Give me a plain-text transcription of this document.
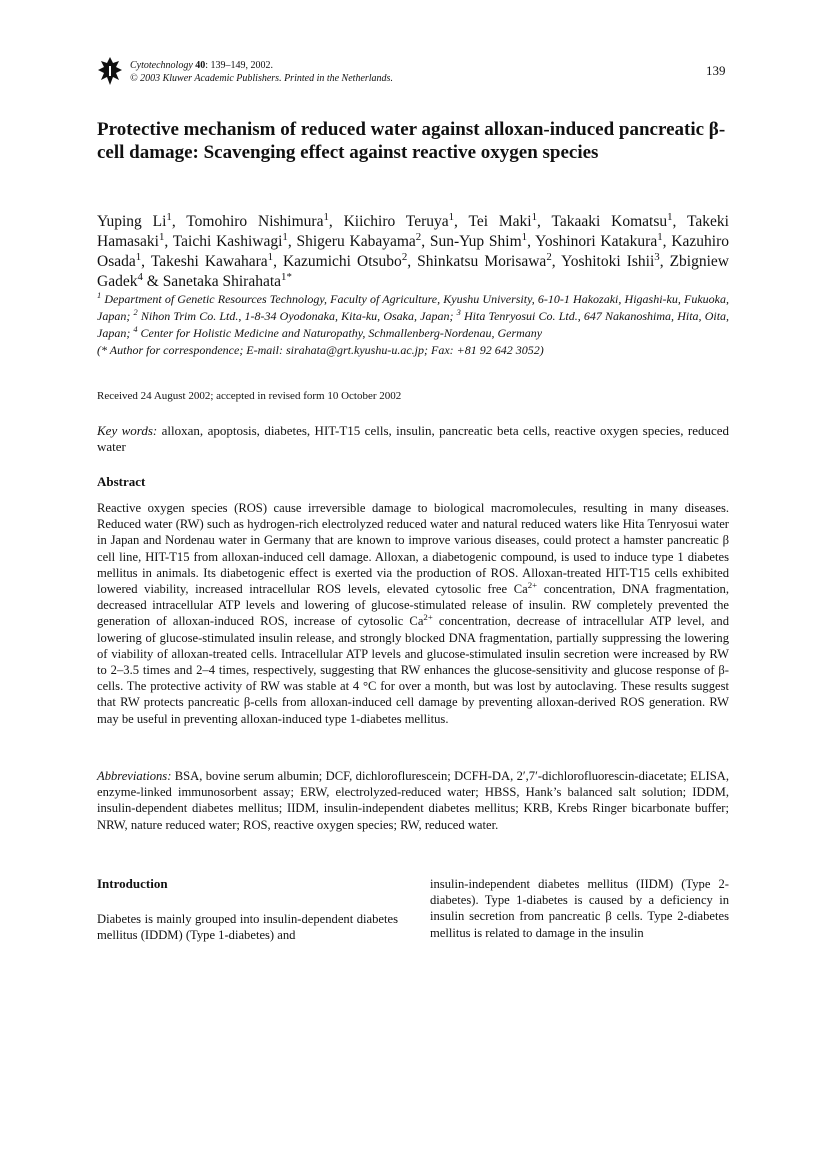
Cytotechnology 40: 139–149, 2002.
© 2003 Kluwer Academic Publishers. Printed in the Netherlands.
139
Protective mechanism of reduced water against alloxan-induced pancreatic β-cell damage: Scavenging effect against reactive oxygen species
Yuping Li$^1$, Tomohiro Nishimura$^1$, Kiichiro Teruya$^1$, Tei Maki$^1$, Takaaki Komatsu$^1$, Takeki Hamasaki$^1$, Taichi Kashiwagi$^1$, Shigeru Kabayama$^2$, Sun-Yup Shim$^1$, Yoshinori Katakura$^1$, Kazuhiro Osada$^1$, Takeshi Kawahara$^1$, Kazumichi Otsubo$^2$, Shinkatsu Morisawa$^2$, Yoshitoki Ishii$^3$, Zbigniew Gadek$^4$ & Sanetaka Shirahata$^{1*}$
$^1$ Department of Genetic Resources Technology, Faculty of Agriculture, Kyushu University, 6-10-1 Hakozaki, Higashi-ku, Fukuoka, Japan; $^2$ Nihon Trim Co. Ltd., 1-8-34 Oyodonaka, Kita-ku, Osaka, Japan; $^3$ Hita Tenryosui Co. Ltd., 647 Nakanoshima, Hita, Oita, Japan; $^4$ Center for Holistic Medicine and Naturopathy, Schmallenberg-Nordenau, Germany
(* Author for correspondence; E-mail: sirahata@grt.kyushu-u.ac.jp; Fax: +81 92 642 3052)
Received 24 August 2002; accepted in revised form 10 October 2002
Key words: alloxan, apoptosis, diabetes, HIT-T15 cells, insulin, pancreatic beta cells, reactive oxygen species, reduced water
Abstract
Reactive oxygen species (ROS) cause irreversible damage to biological macromolecules, resulting in many diseases. Reduced water (RW) such as hydrogen-rich electrolyzed reduced water and natural reduced waters like Hita Tenryosui water in Japan and Nordenau water in Germany that are known to improve various diseases, could protect a hamster pancreatic β cell line, HIT-T15 from alloxan-induced cell damage. Alloxan, a diabetogenic compound, is used to induce type 1 diabetes mellitus in animals. Its diabetogenic effect is exerted via the production of ROS. Alloxan-treated HIT-T15 cells exhibited lowered viability, increased intracellular ROS levels, elevated cytosolic free $Ca^{2+}$ concentration, DNA fragmentation, decreased intracellular ATP levels and lowering of glucose-stimulated release of insulin. RW completely prevented the generation of alloxan-induced ROS, increase of cytosolic $Ca^{2+}$ concentration, decrease of intracellular ATP level, and lowering of glucose-stimulated insulin release, and strongly blocked DNA fragmentation, partially suppressing the lowering of viability of alloxan-treated cells. Intracellular ATP levels and glucose-stimulated insulin secretion were increased by RW to 2–3.5 times and 2–4 times, respectively, suggesting that RW enhances the glucose-sensitivity and glucose response of β-cells. The protective activity of RW was stable at 4 °C for over a month, but was lost by autoclaving. These results suggest that RW protects pancreatic β-cells from alloxan-induced cell damage by preventing alloxan-derived ROS generation. RW may be useful in preventing alloxan-induced type 1-diabetes mellitus.
Abbreviations: BSA, bovine serum albumin; DCF, dichloroflurescein; DCFH-DA, 2′,7′-dichlorofluorescin-diacetate; ELISA, enzyme-linked immunosorbent assay; ERW, electrolyzed-reduced water; HBSS, Hank’s balanced salt solution; IDDM, insulin-dependent diabetes mellitus; IIDM, insulin-independent diabetes mellitus; KRB, Krebs Ringer bicarbonate buffer; NRW, nature reduced water; ROS, reactive oxygen species; RW, reduced water.
Introduction
Diabetes is mainly grouped into insulin-dependent diabetes mellitus (IDDM) (Type 1-diabetes) and
insulin-independent diabetes mellitus (IIDM) (Type 2-diabetes). Type 1-diabetes is caused by a deficiency in insulin secretion from pancreatic β cells. Type 2-diabetes mellitus is related to damage in the insulin
